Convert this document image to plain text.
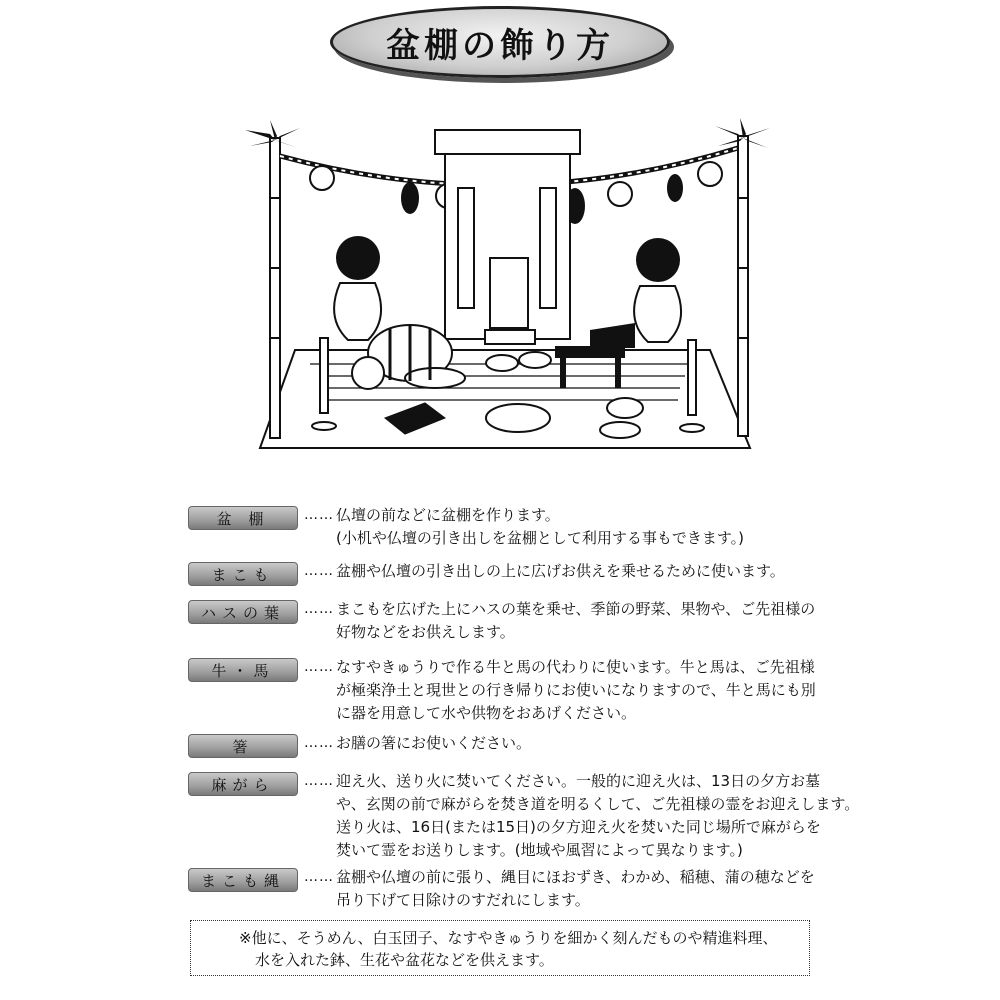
盆棚の飾り方
盆 棚	…… 仏壇の前などに盆棚を作ります。
(小机や仏壇の引き出しを盆棚として利用する事もできます。)
まこも	…… 盆棚や仏壇の引き出しの上に広げお供えを乗せるために使います。
ハスの葉	…… まこもを広げた上にハスの葉を乗せ、季節の野菜、果物や、ご先祖様の
好物などをお供えします。
牛・馬	…… なすやきゅうりで作る牛と馬の代わりに使います。牛と馬は、ご先祖様
が極楽浄土と現世との行き帰りにお使いになりますので、牛と馬にも別
に器を用意して水や供物をおあげください。
箸	…… お膳の箸にお使いください。
麻がら	…… 迎え火、送り火に焚いてください。一般的に迎え火は、13日の夕方お墓
や、玄関の前で麻がらを焚き道を明るくして、ご先祖様の霊をお迎えします。
送り火は、16日(または15日)の夕方迎え火を焚いた同じ場所で麻がらを
焚いて霊をお送りします。(地域や風習によって異なります。)
まこも縄	…… 盆棚や仏壇の前に張り、縄目にほおずき、わかめ、稲穂、蒲の穂などを
吊り下げて日除けのすだれにします。
※他に、そうめん、白玉団子、なすやきゅうりを細かく刻んだものや精進料理、
水を入れた鉢、生花や盆花などを供えます。
